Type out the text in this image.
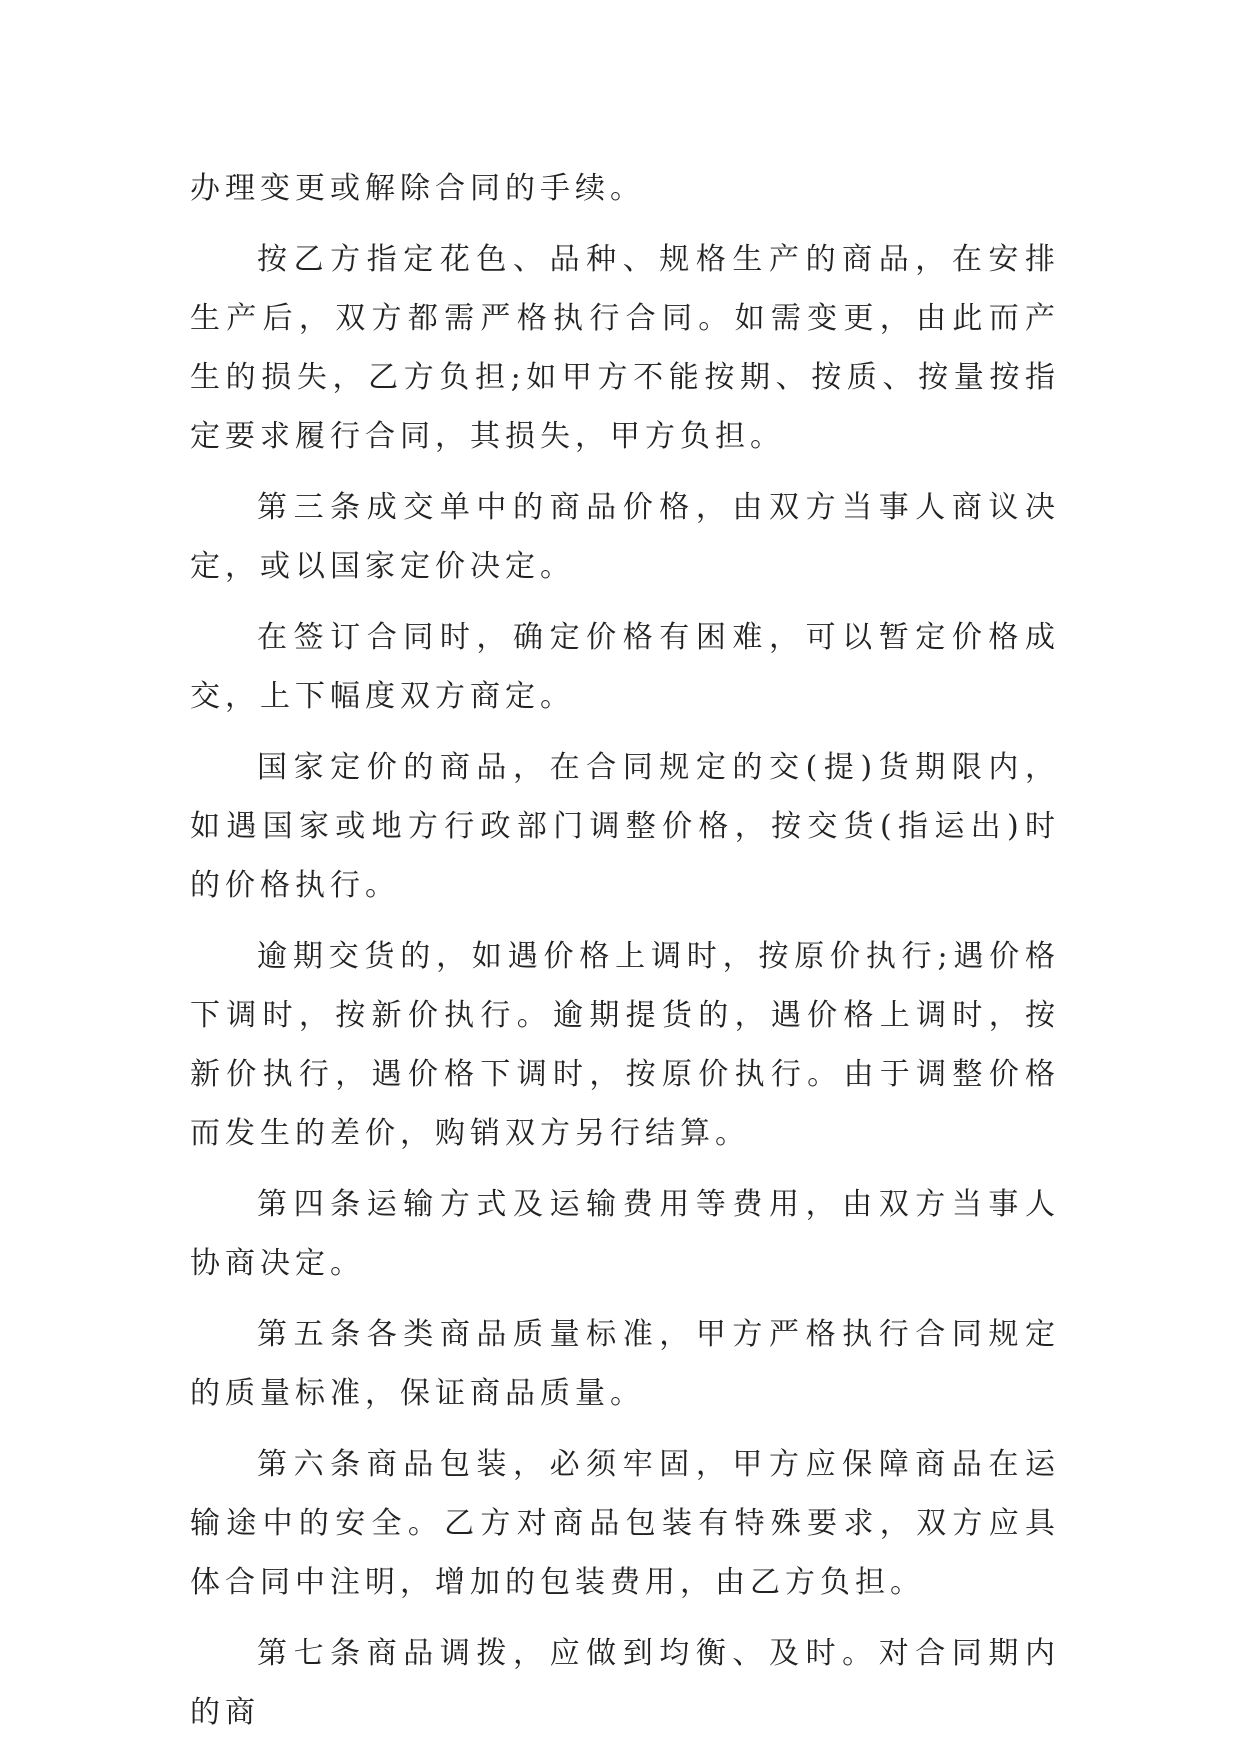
办理变更或解除合同的手续。

按乙方指定花色、品种、规格生产的商品，在安排生产后，双方都需严格执行合同。如需变更，由此而产生的损失，乙方负担;如甲方不能按期、按质、按量按指定要求履行合同，其损失，甲方负担。

第三条成交单中的商品价格，由双方当事人商议决定，或以国家定价决定。

在签订合同时，确定价格有困难，可以暂定价格成交，上下幅度双方商定。

国家定价的商品，在合同规定的交(提)货期限内，如遇国家或地方行政部门调整价格，按交货(指运出)时的价格执行。

逾期交货的，如遇价格上调时，按原价执行;遇价格下调时，按新价执行。逾期提货的，遇价格上调时，按新价执行，遇价格下调时，按原价执行。由于调整价格而发生的差价，购销双方另行结算。

第四条运输方式及运输费用等费用，由双方当事人协商决定。

第五条各类商品质量标准，甲方严格执行合同规定的质量标准，保证商品质量。

第六条商品包装，必须牢固，甲方应保障商品在运输途中的安全。乙方对商品包装有特殊要求，双方应具体合同中注明，增加的包装费用，由乙方负担。

第七条商品调拨，应做到均衡、及时。对合同期内的商
